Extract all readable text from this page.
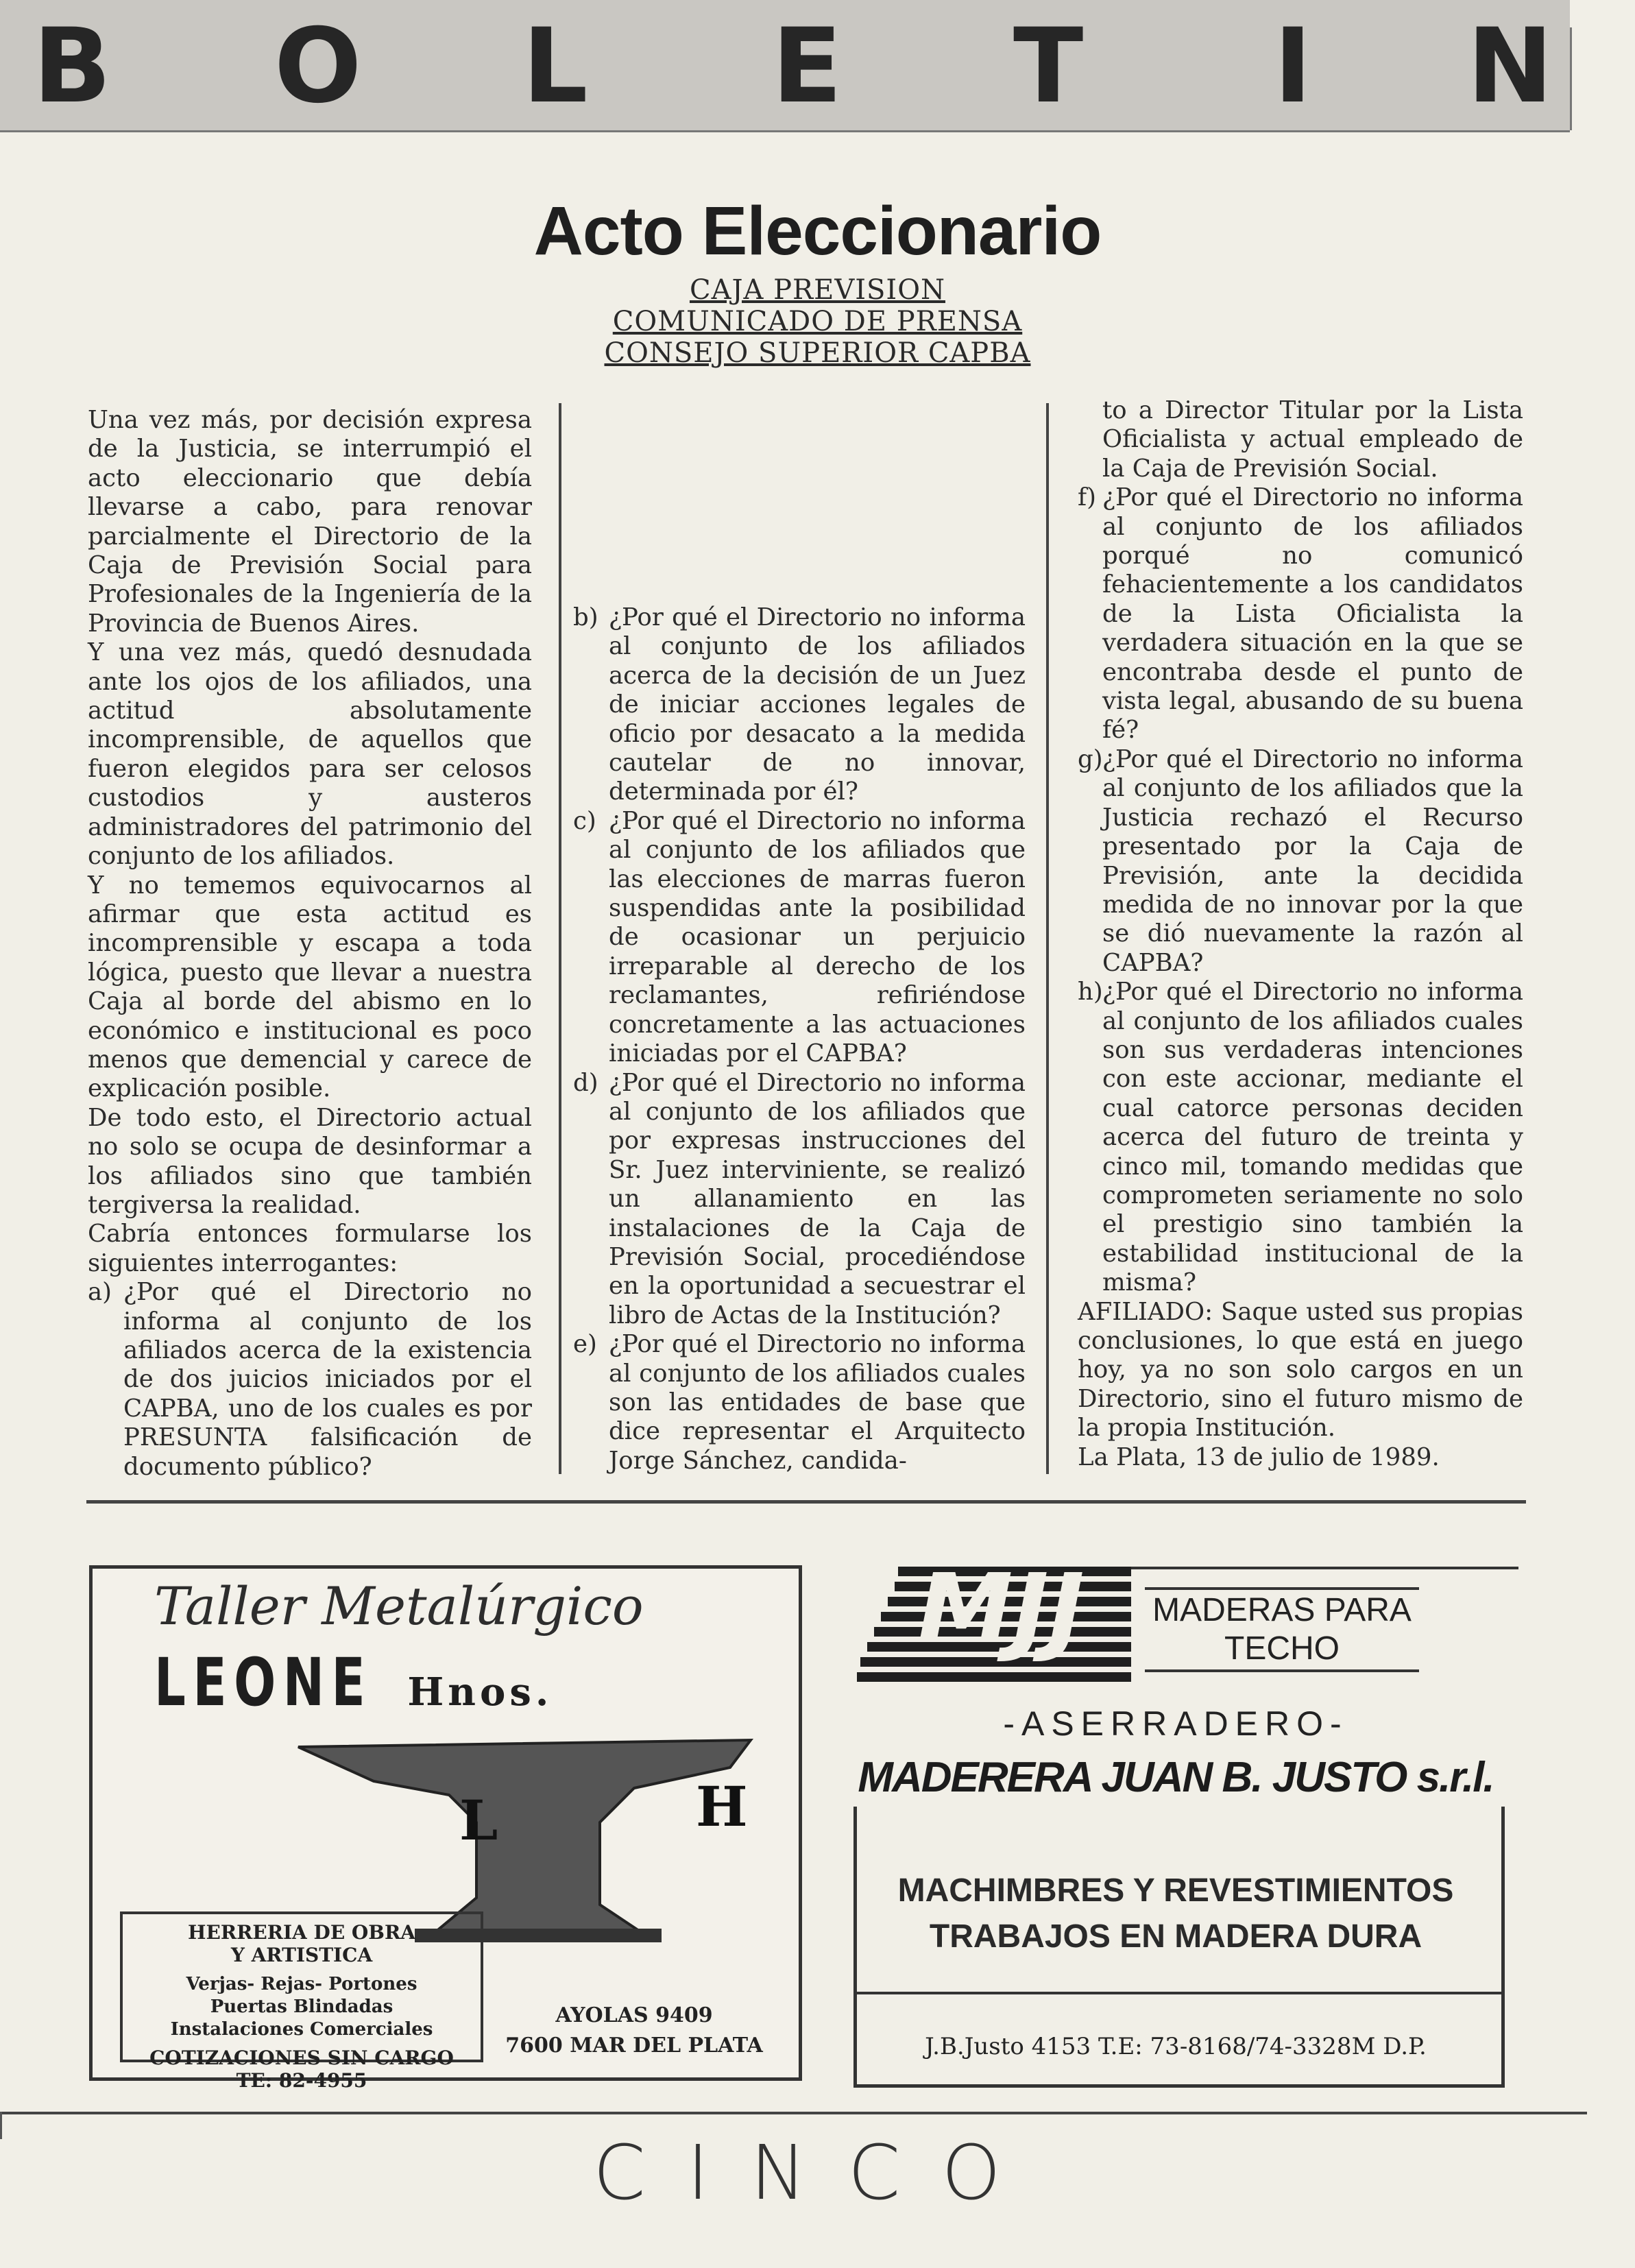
B O L E T I N
Acto Eleccionario
CAJA PREVISION
COMUNICADO DE PRENSA
CONSEJO SUPERIOR CAPBA

Una vez más, por decisión expresa de la Justicia, se interrumpió el acto eleccionario que debía llevarse a cabo, para renovar parcialmente el Directorio de la Caja de Previsión Social para Profesionales de la Ingeniería de la Provincia de Buenos Aires.

Y una vez más, quedó desnudada ante los ojos de los afiliados, una actitud absolutamente incomprensible, de aquellos que fueron elegidos para ser celosos custodios y austeros administradores del patrimonio del conjunto de los afiliados.

Y no tememos equivocarnos al afirmar que esta actitud es incomprensible y escapa a toda lógica, puesto que llevar a nuestra Caja al borde del abismo en lo económico e institucional es poco menos que demencial y carece de explicación posible.

De todo esto, el Directorio actual no solo se ocupa de desinformar a los afiliados sino que también tergiversa la realidad.

Cabría entonces formularse los siguientes interrogantes:

a) ¿Por qué el Directorio no informa al conjunto de los afiliados acerca de la existencia de dos juicios iniciados por el CAPBA, uno de los cuales es por PRESUNTA falsificación de documento público?
b) ¿Por qué el Directorio no informa al conjunto de los afiliados acerca de la decisión de un Juez de iniciar acciones legales de oficio por desacato a la medida cautelar de no innovar, determinada por él?
c) ¿Por qué el Directorio no informa al conjunto de los afiliados que las elecciones de marras fueron suspendidas ante la posibilidad de ocasionar un perjuicio irreparable al derecho de los reclamantes, refiriéndose concretamente a las actuaciones iniciadas por el CAPBA?
d) ¿Por qué el Directorio no informa al conjunto de los afiliados que por expresas instrucciones del Sr. Juez interviniente, se realizó un allanamiento en las instalaciones de la Caja de Previsión Social, procediéndose en la oportunidad a secuestrar el libro de Actas de la Institución?
e) ¿Por qué el Directorio no informa al conjunto de los afiliados cuales son las entidades de base que dice representar el Arquitecto Jorge Sánchez, candida-

to a Director Titular por la Lista Oficialista y actual empleado de la Caja de Previsión Social.

f) ¿Por qué el Directorio no informa al conjunto de los afiliados porqué no comunicó fehacientemente a los candidatos de la Lista Oficialista la verdadera situación en la que se encontraba desde el punto de vista legal, abusando de su buena fé?
g) ¿Por qué el Directorio no informa al conjunto de los afiliados que la Justicia rechazó el Recurso presentado por la Caja de Previsión, ante la decidida medida de no innovar por la que se dió nuevamente la razón al CAPBA?
h) ¿Por qué el Directorio no informa al conjunto de los afiliados cuales son sus verdaderas intenciones con este accionar, mediante el cual catorce personas deciden acerca del futuro de treinta y cinco mil, tomando medidas que comprometen seriamente no solo el prestigio sino también la estabilidad institucional de la misma?

AFILIADO: Saque usted sus propias conclusiones, lo que está en juego hoy, ya no son solo cargos en un Directorio, sino el futuro mismo de la propia Institución.

La Plata, 13 de julio de 1989.

Taller Metalúrgico
LEONE Hnos.
L	H
HERRERIA DE OBRA Y ARTISTICA
Verjas- Rejas- Portones Puertas Blindadas Instalaciones Comerciales
COTIZACIONES SIN CARGO
TE: 82-4955
AYOLAS 9409
7600 MAR DEL PLATA
MJJ MADERAS PARA TECHO
-ASERRADERO-
MADERERA JUAN B. JUSTO s.r.l.
MACHIMBRES Y REVESTIMIENTOS
TRABAJOS EN MADERA DURA
J.B.Justo 4153 T.E: 73-8168/74-3328M D.P.
CINCO
